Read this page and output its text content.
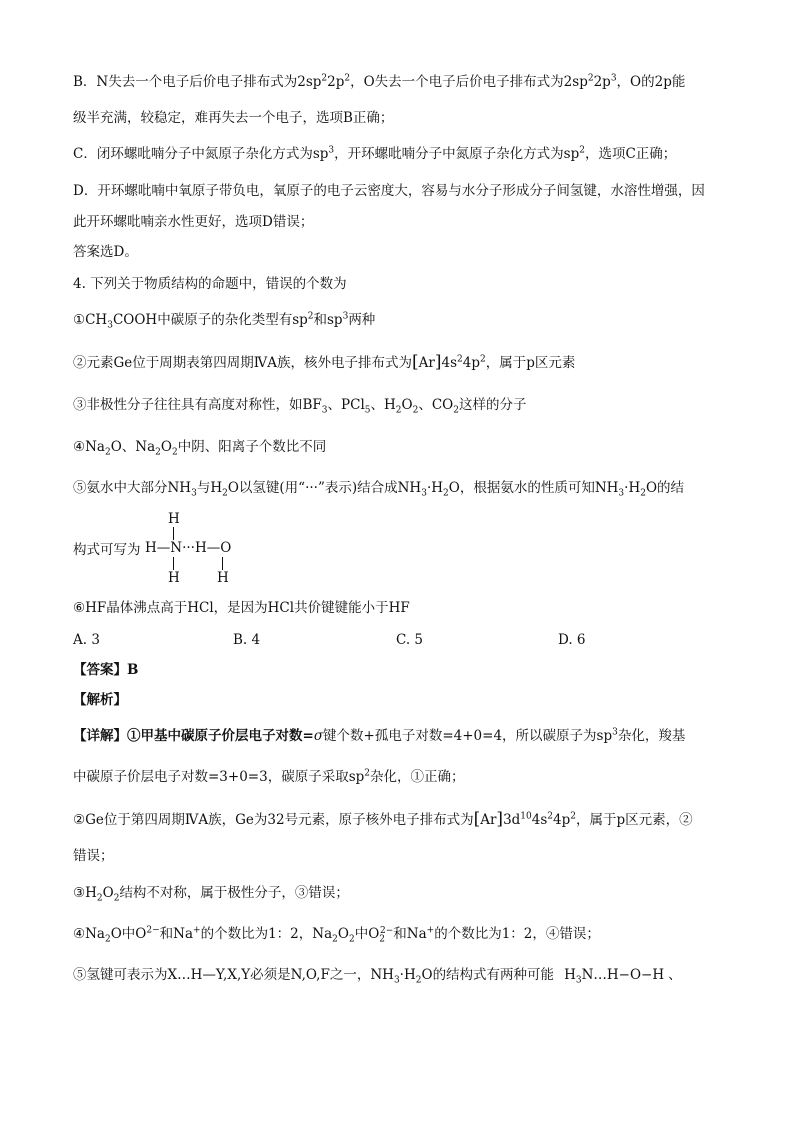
B．N失去一个电子后价电子排布式为$2sp^22p^2$，O失去一个电子后价电子排布式为$2sp^22p^3$，O的2p能
级半充满，较稳定，难再失去一个电子，选项B正确；
C．闭环螺吡喃分子中氮原子杂化方式为$sp^3$，开环螺吡喃分子中氮原子杂化方式为$sp^2$，选项C正确；
D．开环螺吡喃中氧原子带负电，氧原子的电子云密度大，容易与水分子形成分子间氢键，水溶性增强，因
此开环螺吡喃亲水性更好，选项D错误；
答案选D。
4. 下列关于物质结构的命题中，错误的个数为
$①CH_3COOH$中碳原子的杂化类型有$sp^2$和$sp^3$两种
②元素Ge位于周期表第四周期ⅣA族，核外电子排布式为$[Ar]4s^24p^2$，属于p区元素
③非极性分子往往具有高度对称性，如$BF_3$、PCl$_5$、$H_2O_2$、$CO_2$这样的分子
$④Na_2O$、$Na_2O_2$中阴、阳离子个数比不同
⑤氨水中大部分$NH_3$与$H_2O$以氢键(用“···”表示)结合成$NH_3\cdot H_2O$，根据氨水的性质可知$NH_3\cdot H_2O$的结
构式可写为
H
H—N···H—O
H	H
⑥HF晶体沸点高于HCl，是因为HCl共价键键能小于HF
A. 3	B. 4	C. 5	D. 6
【答案】B
【解析】
【详解】①甲基中碳原子价层电子对数=σ键个数+孤电子对数=4+0=4，所以碳原子为$sp^3$杂化，羧基
中碳原子价层电子对数=3+0=3，碳原子采取$sp^2$杂化，①正确；
②Ge位于第四周期ⅣA族，Ge为32号元素，原子核外电子排布式为$[Ar]3d^{10}4s^24p^2$，属于p区元素，②
错误；
$③H_2O_2$结构不对称，属于极性分子，③错误；
$④Na_2O$中$O^{2-}$和Na+的个数比为1：2，$Na_2O_2$中$O_2^{2-}$和Na+的个数比为1：2，④错误；
⑤氢键可表示为X…H—Y,X,Y必须是N,O,F之一，$NH_3\cdot H_2O$的结构式有两种可能 $H_3N\dots H-O-H$ 、
